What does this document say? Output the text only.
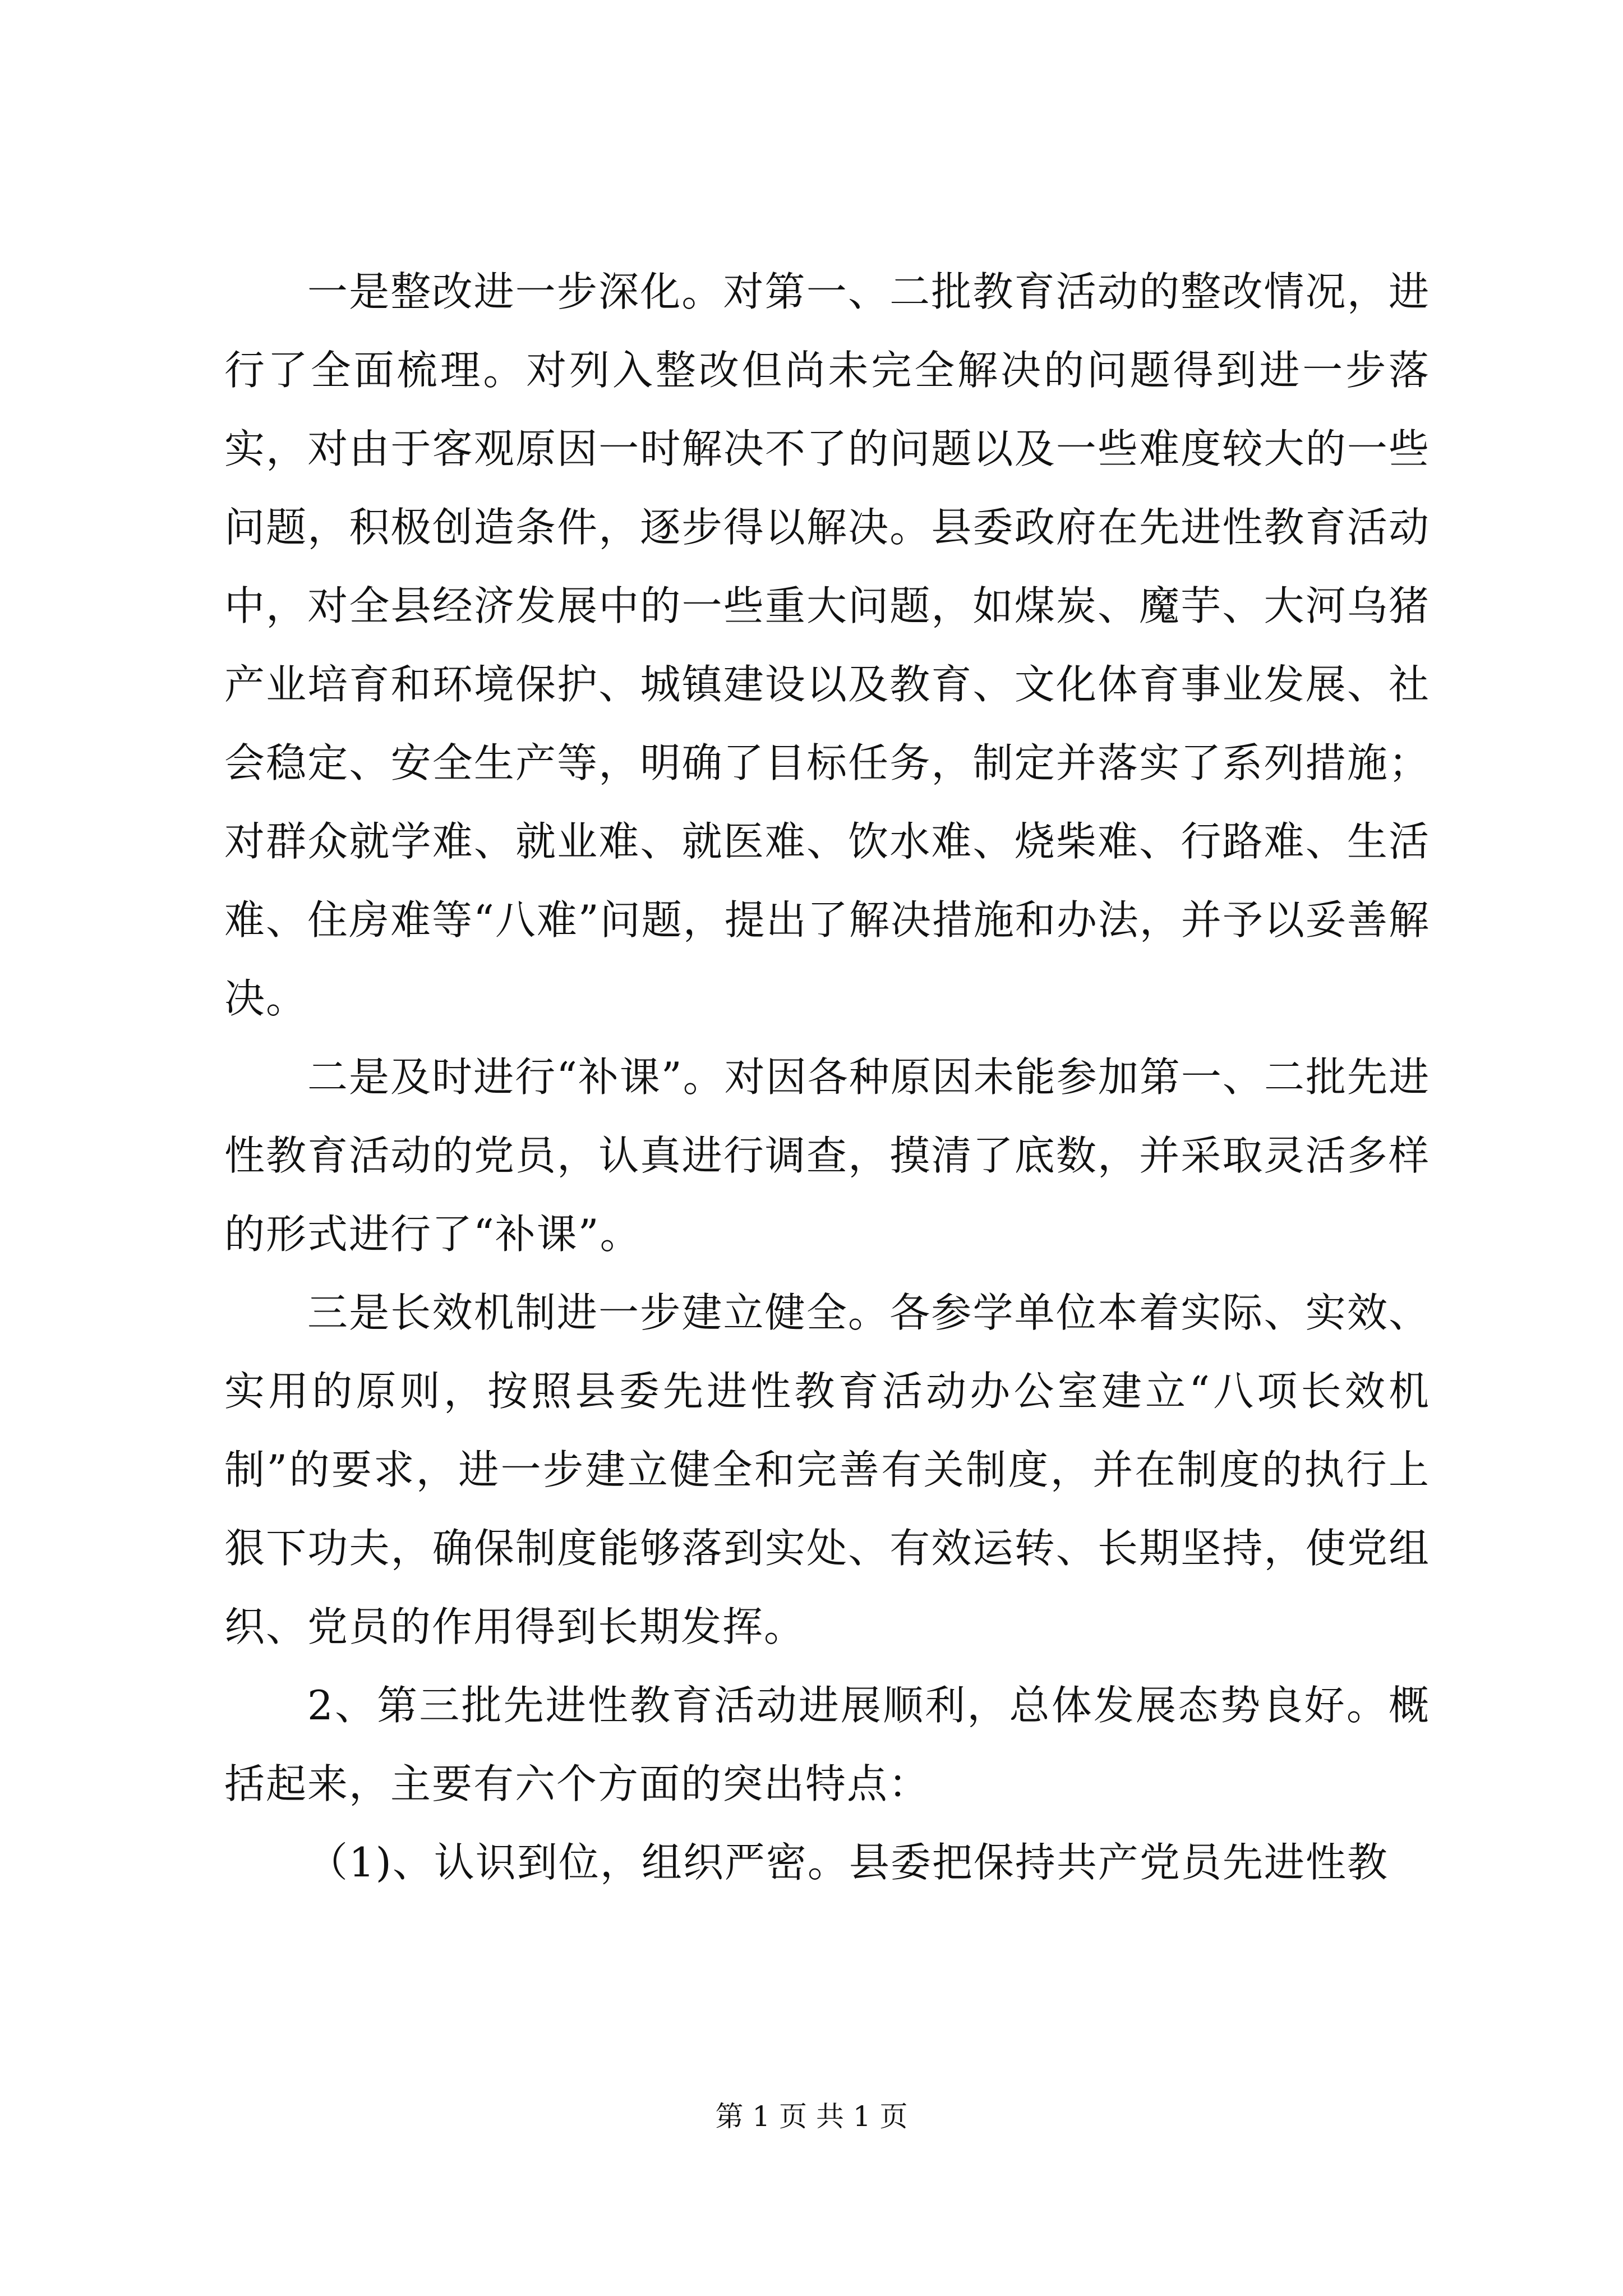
一是整改进一步深化。对第一、二批教育活动的整改情况，进行了全面梳理。对列入整改但尚未完全解决的问题得到进一步落实，对由于客观原因一时解决不了的问题以及一些难度较大的一些问题，积极创造条件，逐步得以解决。县委政府在先进性教育活动中，对全县经济发展中的一些重大问题，如煤炭、魔芋、大河乌猪产业培育和环境保护、城镇建设以及教育、文化体育事业发展、社会稳定、安全生产等，明确了目标任务，制定并落实了系列措施；对群众就学难、就业难、就医难、饮水难、烧柴难、行路难、生活难、住房难等“八难”问题，提出了解决措施和办法，并予以妥善解决。

二是及时进行“补课”。对因各种原因未能参加第一、二批先进性教育活动的党员，认真进行调查，摸清了底数，并采取灵活多样的形式进行了“补课”。

三是长效机制进一步建立健全。各参学单位本着实际、实效、实用的原则，按照县委先进性教育活动办公室建立“八项长效机制”的要求，进一步建立健全和完善有关制度，并在制度的执行上狠下功夫，确保制度能够落到实处、有效运转、长期坚持，使党组织、党员的作用得到长期发挥。

2、第三批先进性教育活动进展顺利，总体发展态势良好。概括起来，主要有六个方面的突出特点：

（1)、认识到位，组织严密。县委把保持共产党员先进性教

第 1 页 共 1 页
